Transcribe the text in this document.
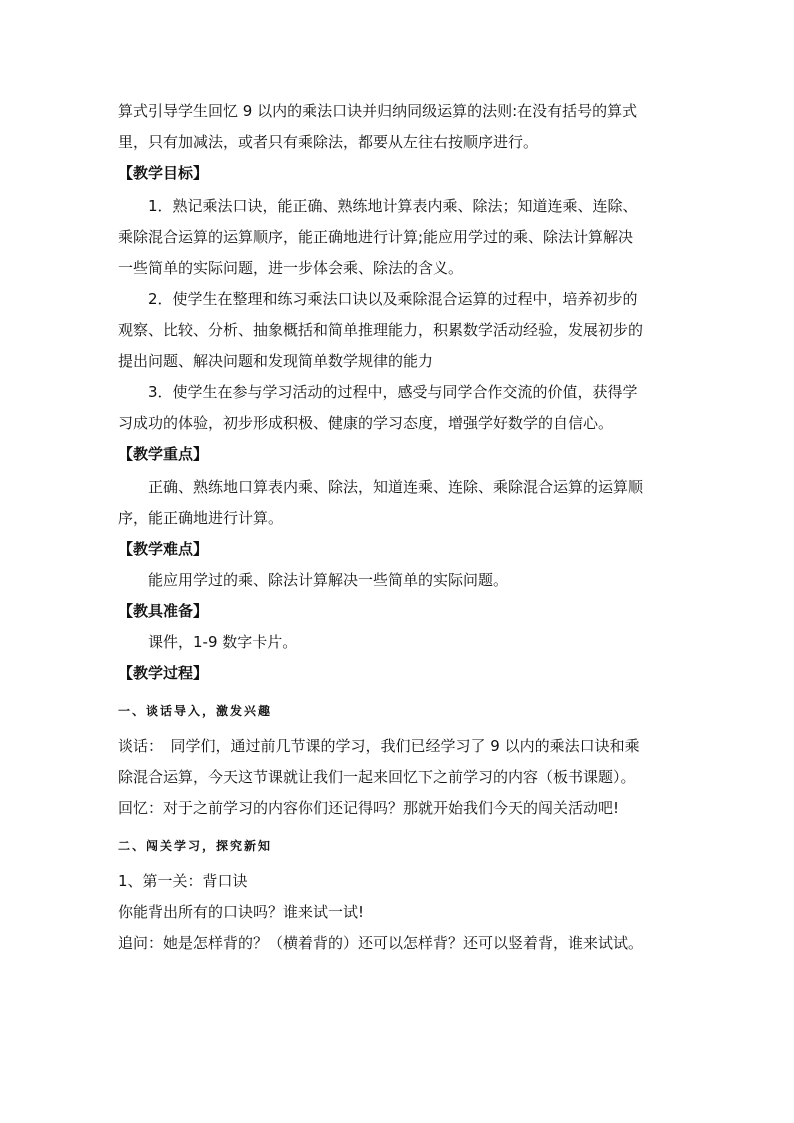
算式引导学生回忆 9 以内的乘法口诀并归纳同级运算的法则:在没有括号的算式
里，只有加减法，或者只有乘除法，都要从左往右按顺序进行。
【教学目标】
1．熟记乘法口诀，能正确、熟练地计算表内乘、除法；知道连乘、连除、
乘除混合运算的运算顺序，能正确地进行计算;能应用学过的乘、除法计算解决
一些简单的实际问题，进一步体会乘、除法的含义。
2．使学生在整理和练习乘法口诀以及乘除混合运算的过程中，培养初步的
观察、比较、分析、抽象概括和简单推理能力，积累数学活动经验，发展初步的
提出问题、解决问题和发现简单数学规律的能力
3．使学生在参与学习活动的过程中，感受与同学合作交流的价值，获得学
习成功的体验，初步形成积极、健康的学习态度，增强学好数学的自信心。
【教学重点】
正确、熟练地口算表内乘、除法，知道连乘、连除、乘除混合运算的运算顺
序，能正确地进行计算。
【教学难点】
能应用学过的乘、除法计算解决一些简单的实际问题。
【教具准备】
课件，1-9 数字卡片。
【教学过程】
一、谈话导入，激发兴趣
谈话：　同学们，通过前几节课的学习，我们已经学习了 9 以内的乘法口诀和乘
除混合运算，今天这节课就让我们一起来回忆下之前学习的内容（板书课题）。
回忆：对于之前学习的内容你们还记得吗？那就开始我们今天的闯关活动吧!
二、闯关学习，探究新知
1、第一关：背口诀
你能背出所有的口诀吗？谁来试一试!
追问：她是怎样背的？（横着背的）还可以怎样背？还可以竖着背，谁来试试。
